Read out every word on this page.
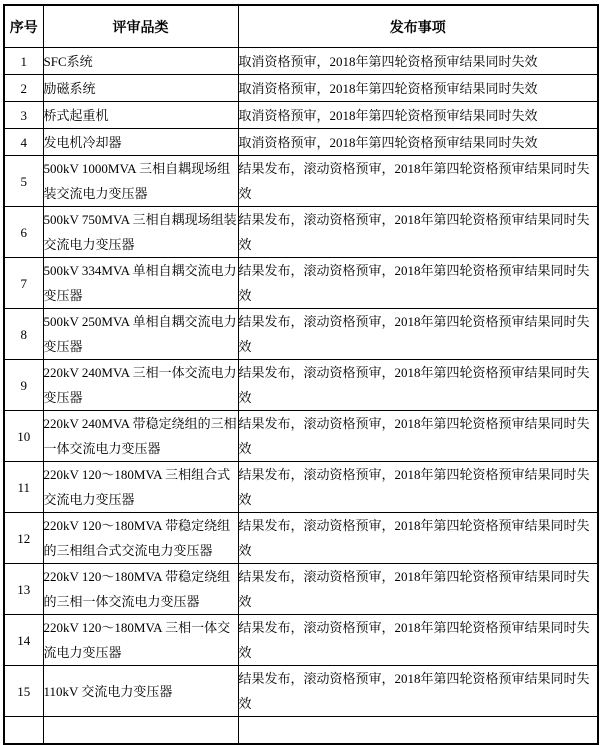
序号	评审品类	发布事项
1	SFC系统	取消资格预审，2018年第四轮资格预审结果同时失效
2	励磁系统	取消资格预审，2018年第四轮资格预审结果同时失效
3	桥式起重机	取消资格预审，2018年第四轮资格预审结果同时失效
4	发电机冷却器	取消资格预审，2018年第四轮资格预审结果同时失效
5	500kV 1000MVA 三相自耦现场组装交流电力变压器	结果发布，滚动资格预审，2018年第四轮资格预审结果同时失效
6	500kV 750MVA 三相自耦现场组装交流电力变压器	结果发布，滚动资格预审，2018年第四轮资格预审结果同时失效
7	500kV 334MVA 单相自耦交流电力变压器	结果发布，滚动资格预审，2018年第四轮资格预审结果同时失效
8	500kV 250MVA 单相自耦交流电力变压器	结果发布，滚动资格预审，2018年第四轮资格预审结果同时失效
9	220kV 240MVA 三相一体交流电力变压器	结果发布，滚动资格预审，2018年第四轮资格预审结果同时失效
10	220kV 240MVA 带稳定绕组的三相一体交流电力变压器	结果发布，滚动资格预审，2018年第四轮资格预审结果同时失效
11	220kV 120～180MVA 三相组合式交流电力变压器	结果发布，滚动资格预审，2018年第四轮资格预审结果同时失效
12	220kV 120～180MVA 带稳定绕组的三相组合式交流电力变压器	结果发布，滚动资格预审，2018年第四轮资格预审结果同时失效
13	220kV 120～180MVA 带稳定绕组的三相一体交流电力变压器	结果发布，滚动资格预审，2018年第四轮资格预审结果同时失效
14	220kV 120～180MVA 三相一体交流电力变压器	结果发布，滚动资格预审，2018年第四轮资格预审结果同时失效
15	110kV 交流电力变压器	结果发布，滚动资格预审，2018年第四轮资格预审结果同时失效
